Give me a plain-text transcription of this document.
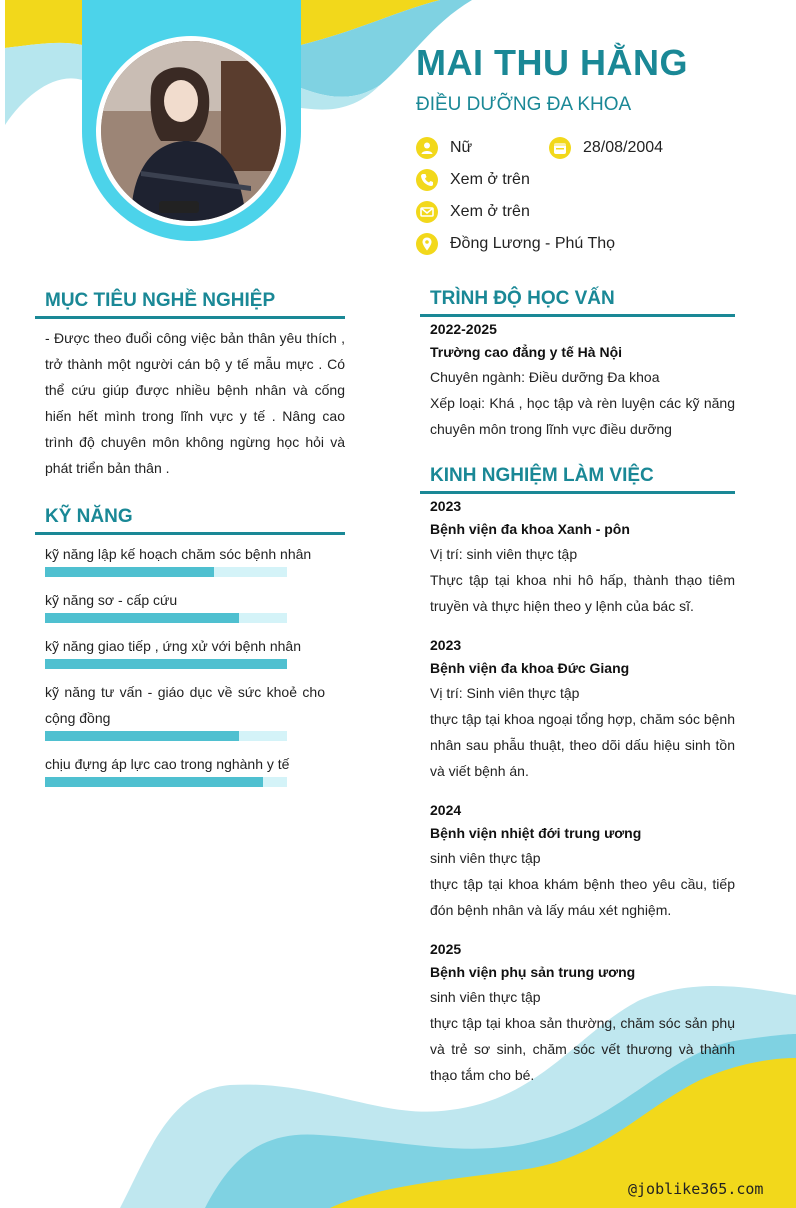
MAI THU HẰNG
ĐIỀU DƯỠNG ĐA KHOA
Nữ	28/08/2004
Xem ở trên
Xem ở trên
Đồng Lương - Phú Thọ
MỤC TIÊU NGHỀ NGHIỆP
- Được theo đuổi công việc bản thân yêu thích , trở thành một người cán bộ y tế mẫu mực . Có thể cứu giúp được nhiều bệnh nhân và cống hiến hết mình trong lĩnh vực y tế . Nâng cao trình độ chuyên môn không ngừng học hỏi và phát triển bản thân .
KỸ NĂNG
kỹ năng lập kế hoạch chăm sóc bệnh nhân
kỹ năng sơ - cấp cứu
kỹ năng giao tiếp , ứng xử với bệnh nhân
kỹ năng tư vấn - giáo dục về sức khoẻ cho cộng đồng
chịu đựng áp lực cao trong nghành y tế
TRÌNH ĐỘ HỌC VẤN
2022-2025
Trường cao đẳng y tế Hà Nội
Chuyên ngành: Điều dưỡng Đa khoa
Xếp loại: Khá , học tập và rèn luyện các kỹ năng chuyên môn trong lĩnh vực điều dưỡng
KINH NGHIỆM LÀM VIỆC
2023
Bệnh viện đa khoa Xanh - pôn
Vị trí: sinh viên thực tập
Thực tập tại khoa nhi hô hấp, thành thạo tiêm truyền và thực hiện theo y lệnh của bác sĩ.
2023
Bệnh viện đa khoa Đức Giang
Vị trí: Sinh viên thực tập
thực tập tại khoa ngoại tổng hợp, chăm sóc bệnh nhân sau phẫu thuật, theo dõi dấu hiệu sinh tồn và viết bệnh án.
2024
Bệnh viện nhiệt đới trung ương
sinh viên thực tập
thực tập tại khoa khám bệnh theo yêu cầu, tiếp đón bệnh nhân và lấy máu xét nghiệm.
2025
Bệnh viện phụ sản trung ương
sinh viên thực tập
thực tập tại khoa sản thường, chăm sóc sản phụ và trẻ sơ sinh, chăm sóc vết thương và thành thạo tắm cho bé.
@joblike365.com
